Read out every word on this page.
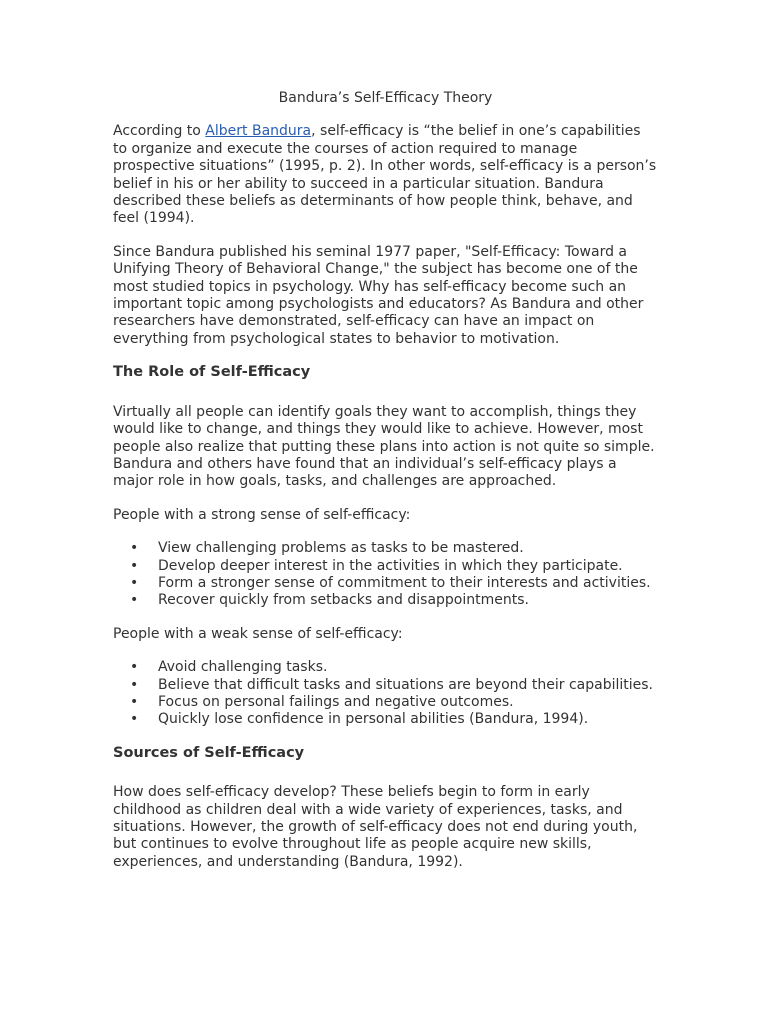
Bandura’s Self-Efficacy Theory

According to Albert Bandura, self-efficacy is “the belief in one’s capabilities to organize and execute the courses of action required to manage prospective situations” (1995, p. 2). In other words, self-efficacy is a person’s belief in his or her ability to succeed in a particular situation. Bandura described these beliefs as determinants of how people think, behave, and feel (1994).

Since Bandura published his seminal 1977 paper, "Self-Efficacy: Toward a Unifying Theory of Behavioral Change," the subject has become one of the most studied topics in psychology. Why has self-efficacy become such an important topic among psychologists and educators? As Bandura and other researchers have demonstrated, self-efficacy can have an impact on everything from psychological states to behavior to motivation.

The Role of Self-Efficacy

Virtually all people can identify goals they want to accomplish, things they would like to change, and things they would like to achieve. However, most people also realize that putting these plans into action is not quite so simple. Bandura and others have found that an individual’s self-efficacy plays a major role in how goals, tasks, and challenges are approached.

People with a strong sense of self-efficacy:

• View challenging problems as tasks to be mastered.
• Develop deeper interest in the activities in which they participate.
• Form a stronger sense of commitment to their interests and activities.
• Recover quickly from setbacks and disappointments.

People with a weak sense of self-efficacy:

• Avoid challenging tasks.
• Believe that difficult tasks and situations are beyond their capabilities.
• Focus on personal failings and negative outcomes.
• Quickly lose confidence in personal abilities (Bandura, 1994).
Sources of Self-Efficacy

How does self-efficacy develop? These beliefs begin to form in early childhood as children deal with a wide variety of experiences, tasks, and situations. However, the growth of self-efficacy does not end during youth, but continues to evolve throughout life as people acquire new skills, experiences, and understanding (Bandura, 1992).
